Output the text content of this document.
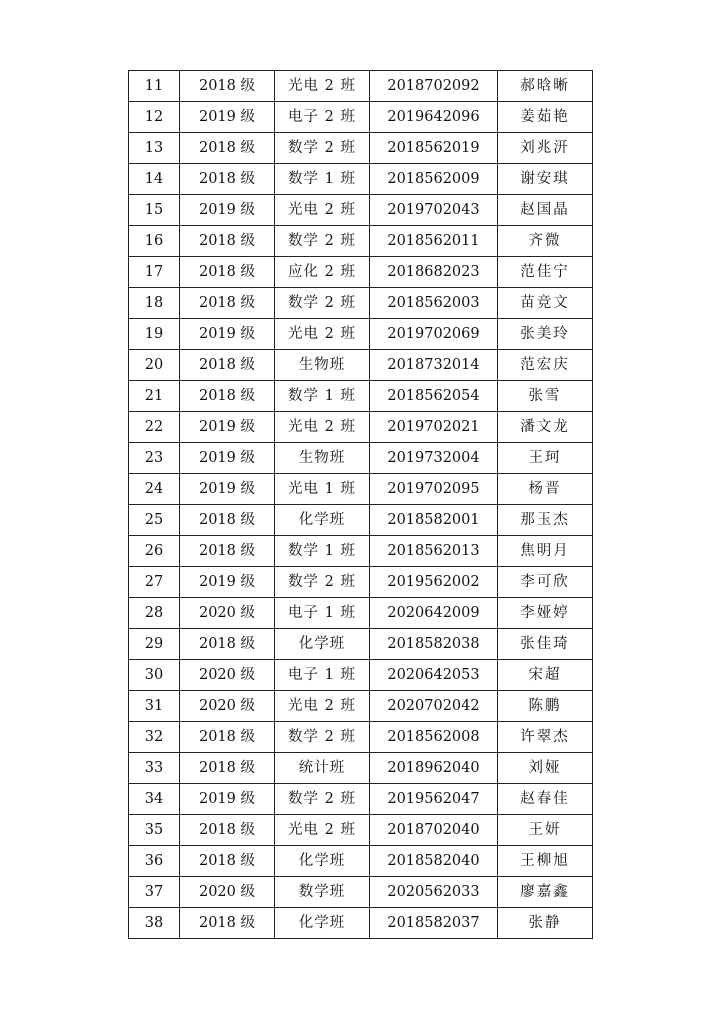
11	2018 级	光电 2 班	2018702092	郝晗晰
12	2019 级	电子 2 班	2019642096	姜茹艳
13	2018 级	数学 2 班	2018562019	刘兆汧
14	2018 级	数学 1 班	2018562009	谢安琪
15	2019 级	光电 2 班	2019702043	赵国晶
16	2018 级	数学 2 班	2018562011	齐微
17	2018 级	应化 2 班	2018682023	范佳宁
18	2018 级	数学 2 班	2018562003	苗竞文
19	2019 级	光电 2 班	2019702069	张美玲
20	2018 级	生物班	2018732014	范宏庆
21	2018 级	数学 1 班	2018562054	张雪
22	2019 级	光电 2 班	2019702021	潘文龙
23	2019 级	生物班	2019732004	王珂
24	2019 级	光电 1 班	2019702095	杨晋
25	2018 级	化学班	2018582001	那玉杰
26	2018 级	数学 1 班	2018562013	焦明月
27	2019 级	数学 2 班	2019562002	李可欣
28	2020 级	电子 1 班	2020642009	李娅婷
29	2018 级	化学班	2018582038	张佳琦
30	2020 级	电子 1 班	2020642053	宋超
31	2020 级	光电 2 班	2020702042	陈鹏
32	2018 级	数学 2 班	2018562008	许翠杰
33	2018 级	统计班	2018962040	刘娅
34	2019 级	数学 2 班	2019562047	赵春佳
35	2018 级	光电 2 班	2018702040	王妍
36	2018 级	化学班	2018582040	王柳旭
37	2020 级	数学班	2020562033	廖嘉鑫
38	2018 级	化学班	2018582037	张静
